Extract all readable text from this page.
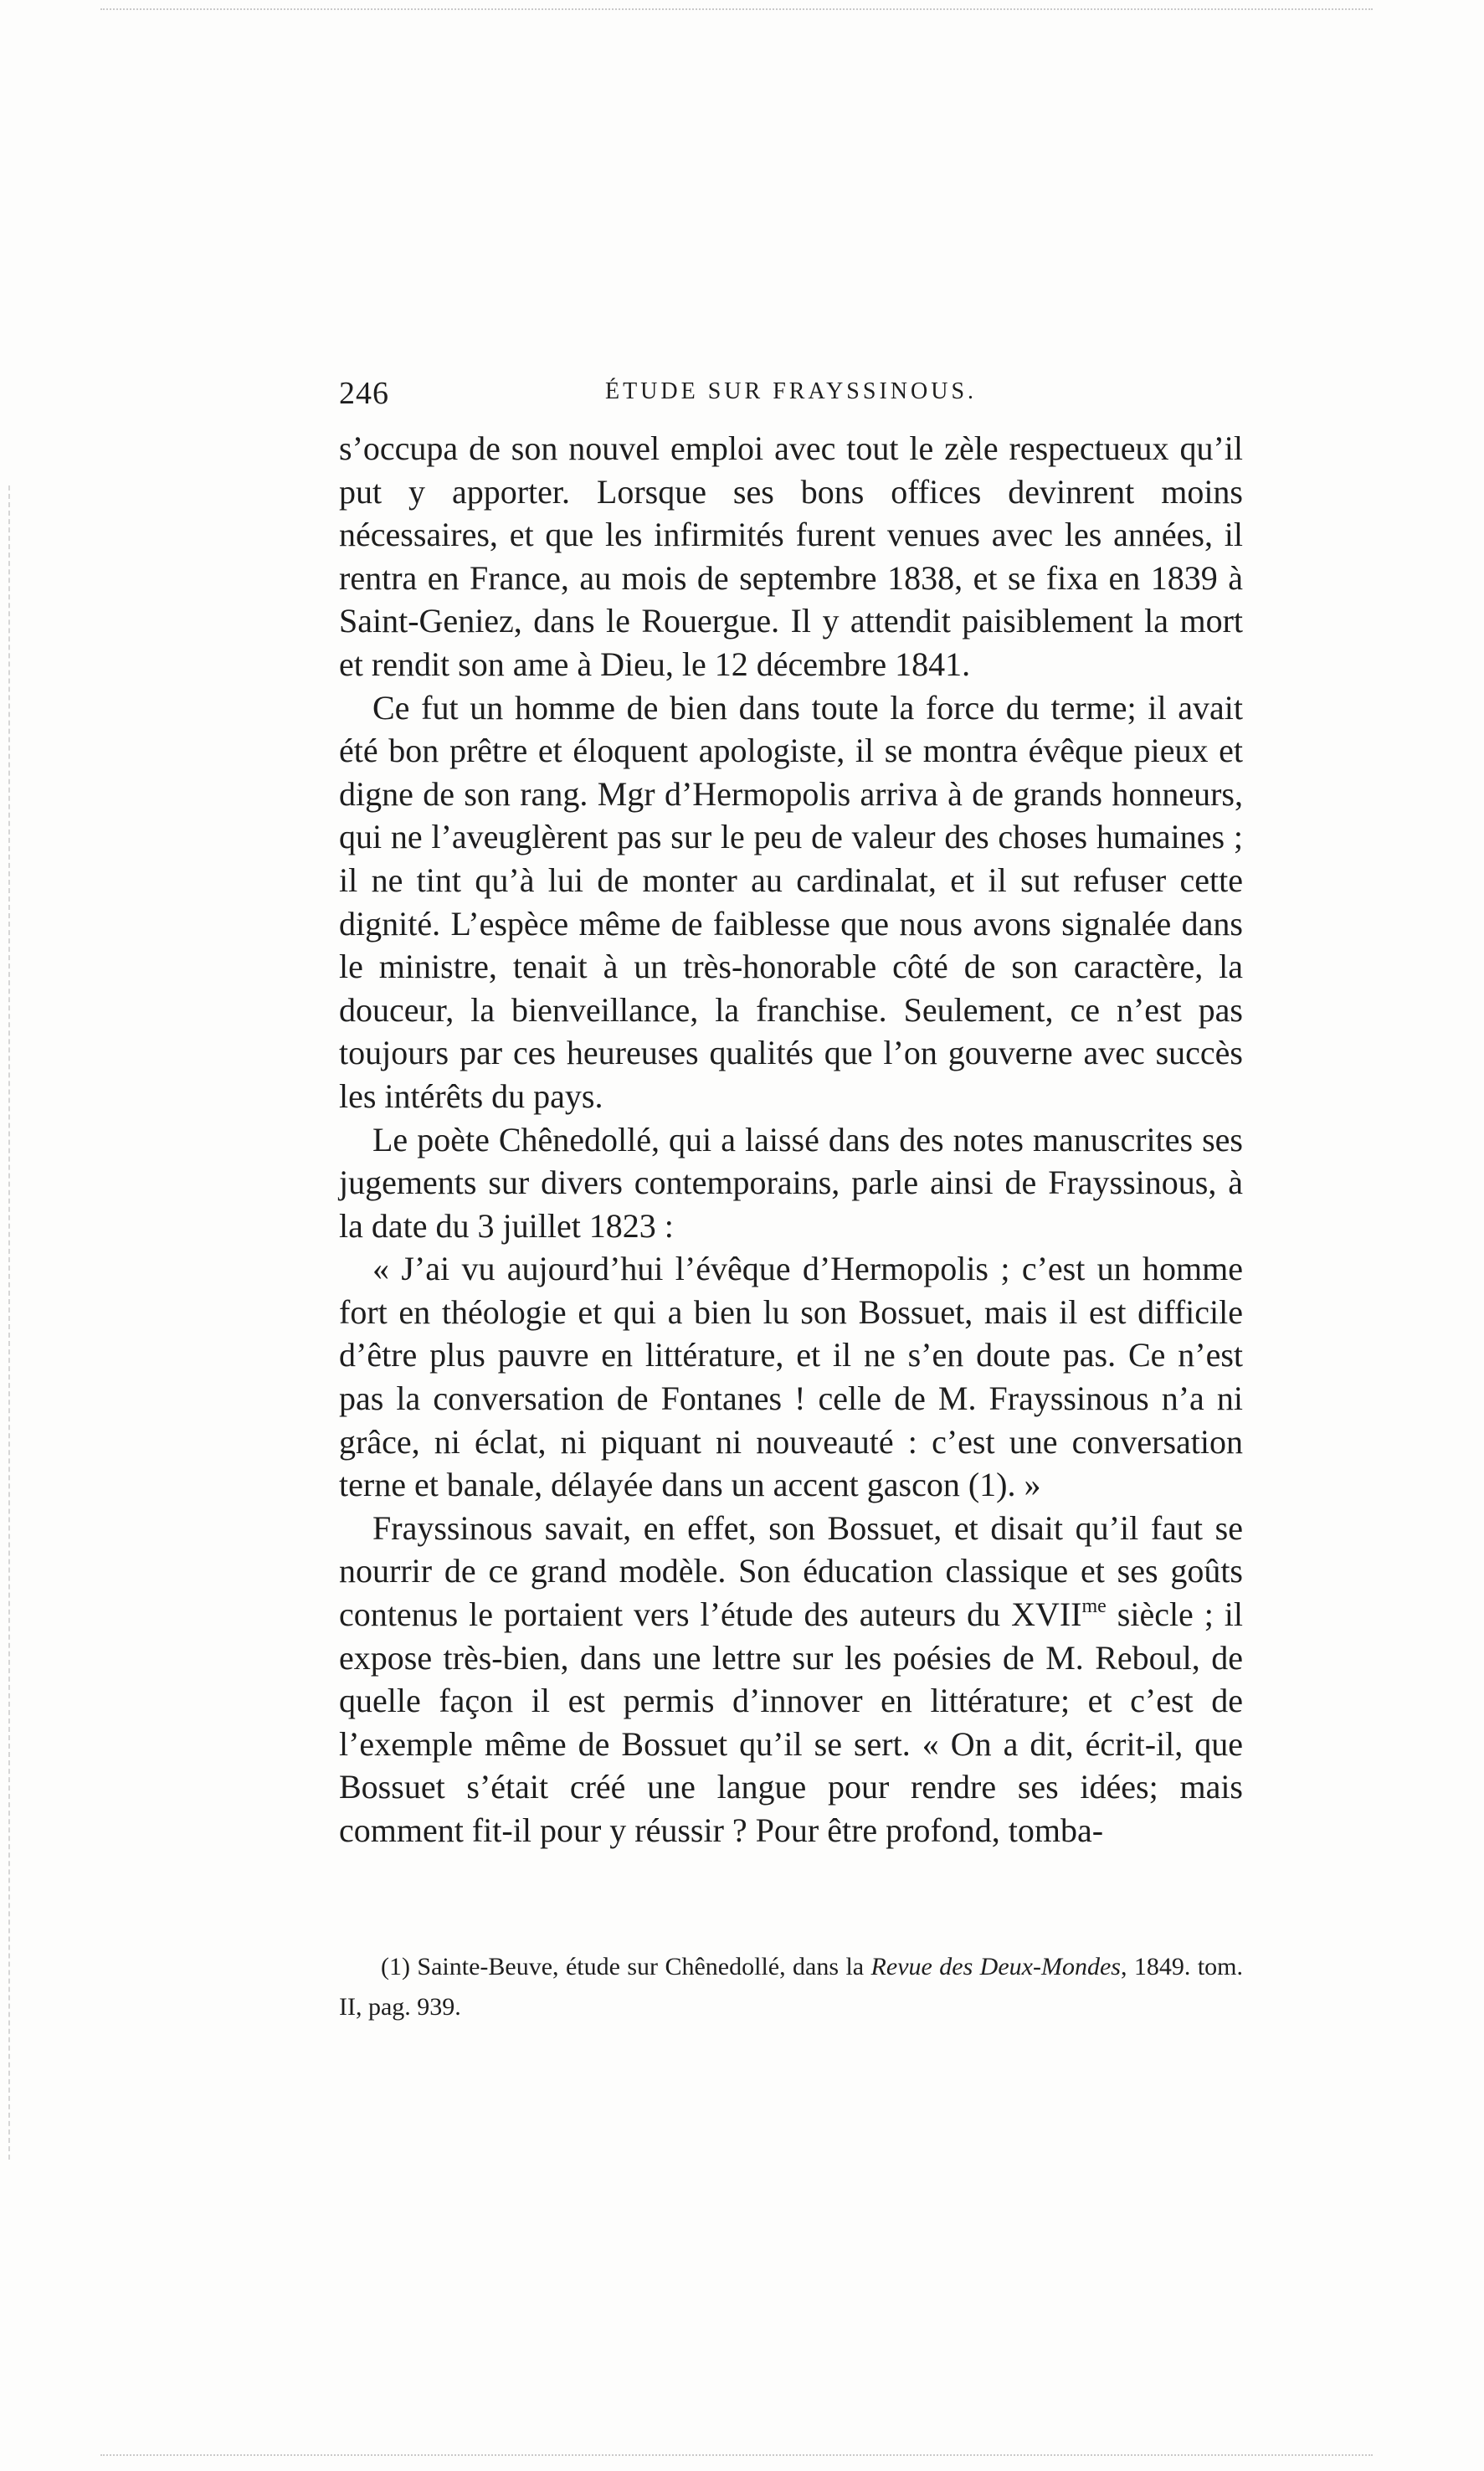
246	ÉTUDE SUR FRAYSSINOUS.

s’occupa de son nouvel emploi avec tout le zèle respectueux qu’il put y apporter. Lorsque ses bons offices devinrent moins nécessaires, et que les infirmités furent venues avec les années, il rentra en France, au mois de septembre 1838, et se fixa en 1839 à Saint-Geniez, dans le Rouergue. Il y attendit paisiblement la mort et rendit son ame à Dieu, le 12 décembre 1841.

Ce fut un homme de bien dans toute la force du terme; il avait été bon prêtre et éloquent apologiste, il se montra évêque pieux et digne de son rang. Mgr d’Hermopolis arriva à de grands honneurs, qui ne l’aveuglèrent pas sur le peu de valeur des choses humaines ; il ne tint qu’à lui de monter au cardinalat, et il sut refuser cette dignité. L’espèce même de faiblesse que nous avons signalée dans le ministre, tenait à un très-honorable côté de son caractère, la douceur, la bienveillance, la franchise. Seulement, ce n’est pas toujours par ces heureuses qualités que l’on gouverne avec succès les intérêts du pays.

Le poète Chênedollé, qui a laissé dans des notes manuscrites ses jugements sur divers contemporains, parle ainsi de Frayssinous, à la date du 3 juillet 1823 :

« J’ai vu aujourd’hui l’évêque d’Hermopolis ; c’est un homme fort en théologie et qui a bien lu son Bossuet, mais il est difficile d’être plus pauvre en littérature, et il ne s’en doute pas. Ce n’est pas la conversation de Fontanes ! celle de M. Frayssinous n’a ni grâce, ni éclat, ni piquant ni nouveauté : c’est une conversation terne et banale, délayée dans un accent gascon (1). »

Frayssinous savait, en effet, son Bossuet, et disait qu’il faut se nourrir de ce grand modèle. Son éducation classique et ses goûts contenus le portaient vers l’étude des auteurs du $XVII^{me}$ siècle ; il expose très-bien, dans une lettre sur les poésies de M. Reboul, de quelle façon il est permis d’innover en littérature; et c’est de l’exemple même de Bossuet qu’il se sert. « On a dit, écrit-il, que Bossuet s’était créé une langue pour rendre ses idées; mais comment fit-il pour y réussir ? Pour être profond, tomba-

(1) Sainte-Beuve, étude sur Chênedollé, dans la Revue des Deux-Mondes, 1849. tom. II, pag. 939.
